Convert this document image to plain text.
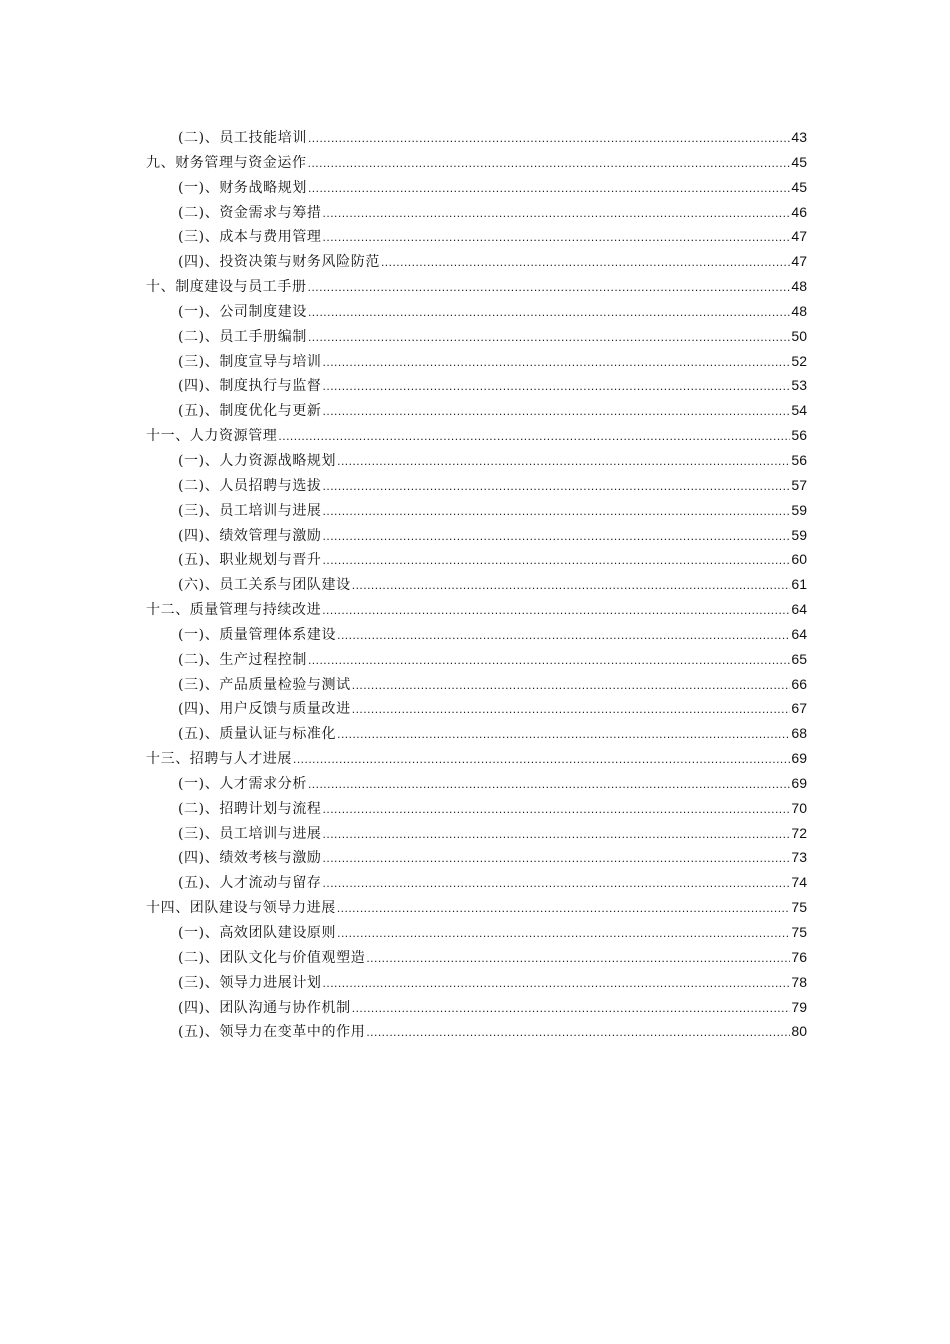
(二)、员工技能培训 .....	43
九、财务管理与资金运作 .....	45
(一)、财务战略规划 .....	45
(二)、资金需求与筹措 .....	46
(三)、成本与费用管理 .....	47
(四)、投资决策与财务风险防范 .....	47
十、制度建设与员工手册 .....	48
(一)、公司制度建设 .....	48
(二)、员工手册编制 .....	50
(三)、制度宣导与培训 .....	52
(四)、制度执行与监督 .....	53
(五)、制度优化与更新 .....	54
十一、人力资源管理 .....	56
(一)、人力资源战略规划 .....	56
(二)、人员招聘与选拔 .....	57
(三)、员工培训与进展 .....	59
(四)、绩效管理与激励 .....	59
(五)、职业规划与晋升 .....	60
(六)、员工关系与团队建设 .....	61
十二、质量管理与持续改进 .....	64
(一)、质量管理体系建设 .....	64
(二)、生产过程控制 .....	65
(三)、产品质量检验与测试 .....	66
(四)、用户反馈与质量改进 .....	67
(五)、质量认证与标准化 .....	68
十三、招聘与人才进展 .....	69
(一)、人才需求分析 .....	69
(二)、招聘计划与流程 .....	70
(三)、员工培训与进展 .....	72
(四)、绩效考核与激励 .....	73
(五)、人才流动与留存 .....	74
十四、团队建设与领导力进展 .....	75
(一)、高效团队建设原则 .....	75
(二)、团队文化与价值观塑造 .....	76
(三)、领导力进展计划 .....	78
(四)、团队沟通与协作机制 .....	79
(五)、领导力在变革中的作用 .....	80
